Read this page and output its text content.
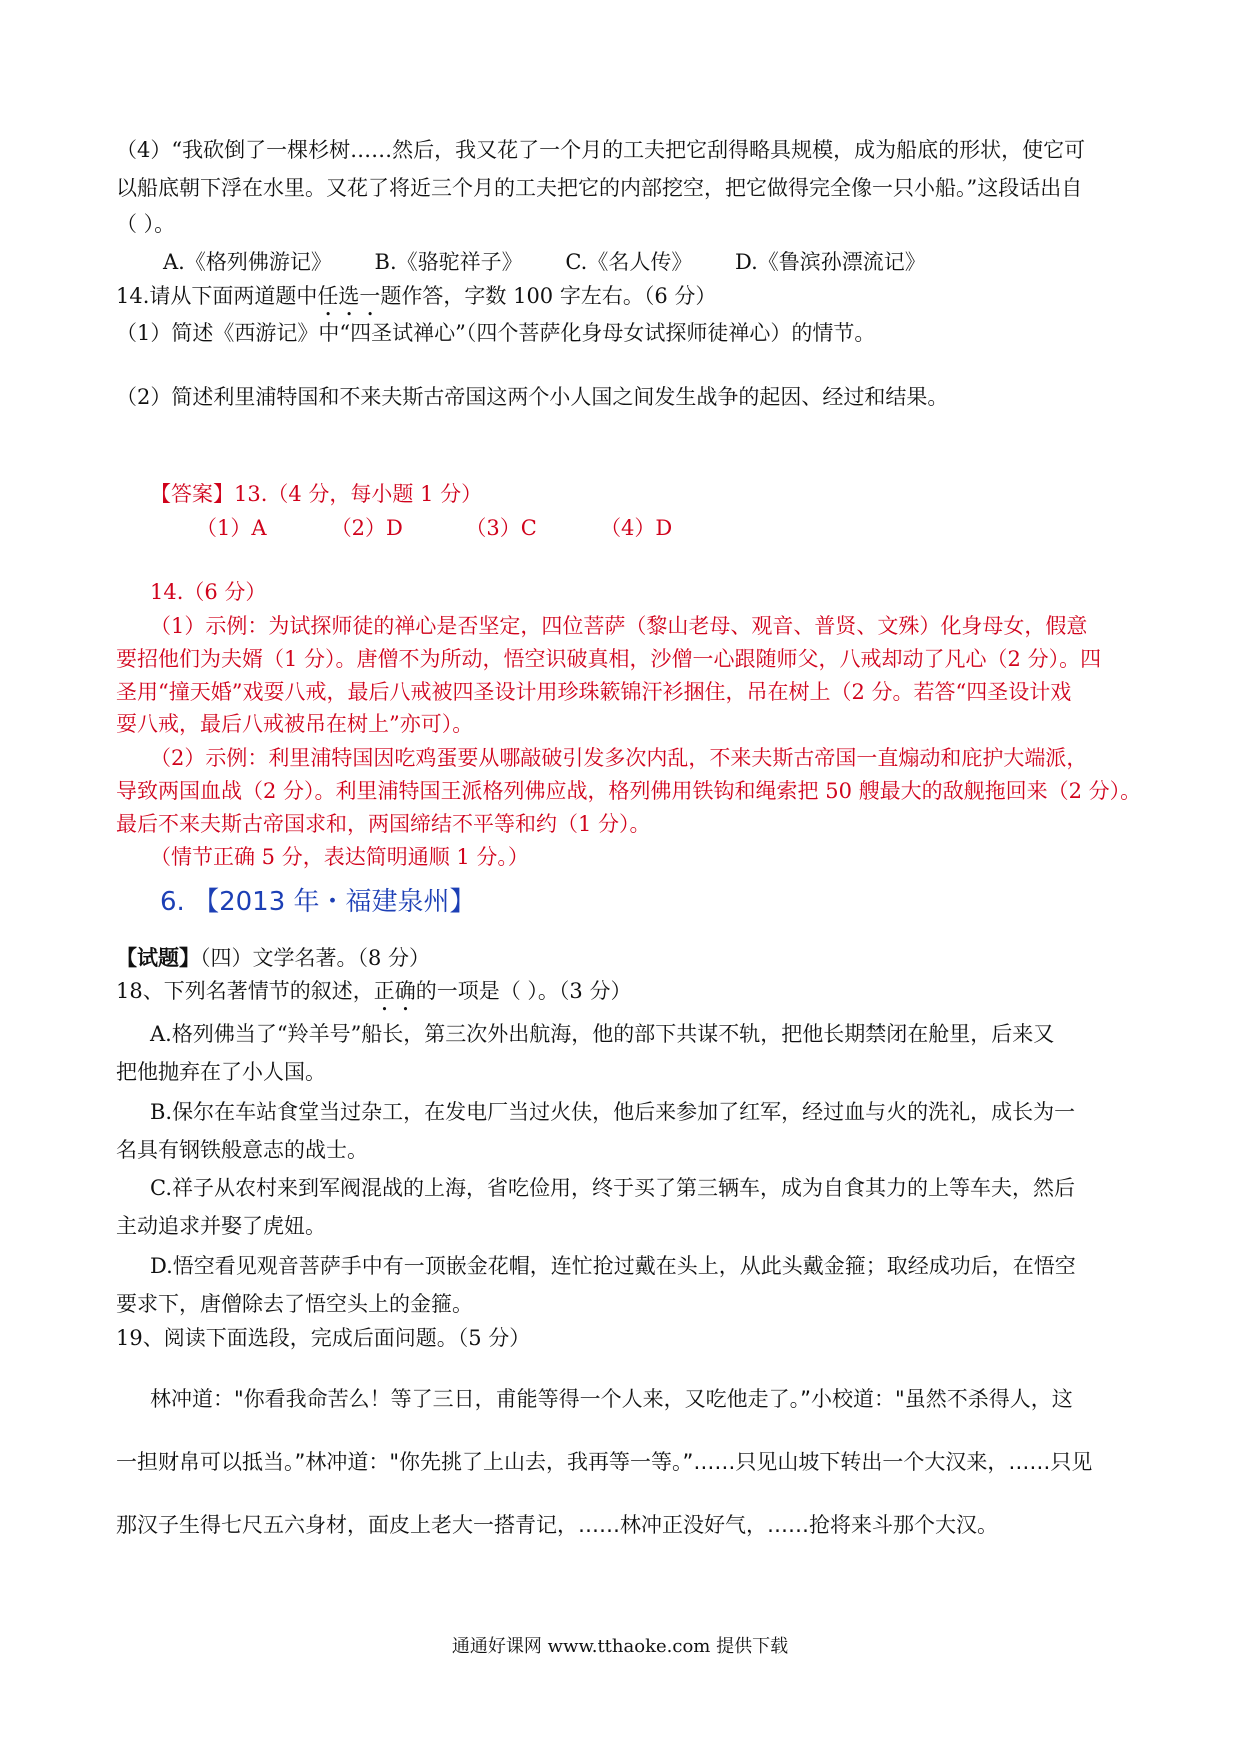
（4）“我砍倒了一棵杉树……然后，我又花了一个月的工夫把它刮得略具规模，成为船底的形状，使它可
以船底朝下浮在水里。又花了将近三个月的工夫把它的内部挖空，把它做得完全像一只小船。”这段话出自
（ ）。
A.《格列佛游记》 B.《骆驼祥子》 C.《名人传》 D.《鲁滨孙漂流记》
14.请从下面两道题中任选一题作答，字数 100 字左右。（6 分）
（1）简述《西游记》中“四圣试禅心”（四个菩萨化身母女试探师徒禅心）的情节。
（2）简述利里浦特国和不来夫斯古帝国这两个小人国之间发生战争的起因、经过和结果。
【答案】13.（4 分，每小题 1 分）
（1）A	（2）D	（3）C	（4）D
14.（6 分）
（1）示例：为试探师徒的禅心是否坚定，四位菩萨（黎山老母、观音、普贤、文殊）化身母女，假意
要招他们为夫婿（1 分）。唐僧不为所动，悟空识破真相，沙僧一心跟随师父，八戒却动了凡心（2 分）。四
圣用“撞天婚”戏耍八戒，最后八戒被四圣设计用珍珠簌锦汗衫捆住，吊在树上（2 分。若答“四圣设计戏
耍八戒，最后八戒被吊在树上”亦可）。
（2）示例：利里浦特国因吃鸡蛋要从哪敲破引发多次内乱，不来夫斯古帝国一直煽动和庇护大端派，
导致两国血战（2 分）。利里浦特国王派格列佛应战，格列佛用铁钩和绳索把 50 艘最大的敌舰拖回来（2 分）。
最后不来夫斯古帝国求和，两国缔结不平等和约（1 分）。
（情节正确 5 分，表达简明通顺 1 分。）
6. 【2013 年・福建泉州】
【试题】（四）文学名著。（8 分）
18、下列名著情节的叙述，正确的一项是（ ）。（3 分）
A.格列佛当了“羚羊号”船长，第三次外出航海，他的部下共谋不轨，把他长期禁闭在舱里，后来又
把他抛弃在了小人国。
B.保尔在车站食堂当过杂工，在发电厂当过火伕，他后来参加了红军，经过血与火的洗礼，成长为一
名具有钢铁般意志的战士。
C.祥子从农村来到军阀混战的上海，省吃俭用，终于买了第三辆车，成为自食其力的上等车夫，然后
主动追求并娶了虎妞。
D.悟空看见观音菩萨手中有一顶嵌金花帽，连忙抢过戴在头上，从此头戴金箍；取经成功后，在悟空
要求下，唐僧除去了悟空头上的金箍。
19、阅读下面选段，完成后面问题。（5 分）
林冲道："你看我命苦么！等了三日，甫能等得一个人来，又吃他走了。”小校道："虽然不杀得人，这
一担财帛可以抵当。”林冲道："你先挑了上山去，我再等一等。”……只见山坡下转出一个大汉来，……只见
那汉子生得七尺五六身材，面皮上老大一搭青记，……林冲正没好气，……抢将来斗那个大汉。
通通好课网 www.tthaoke.com 提供下载
